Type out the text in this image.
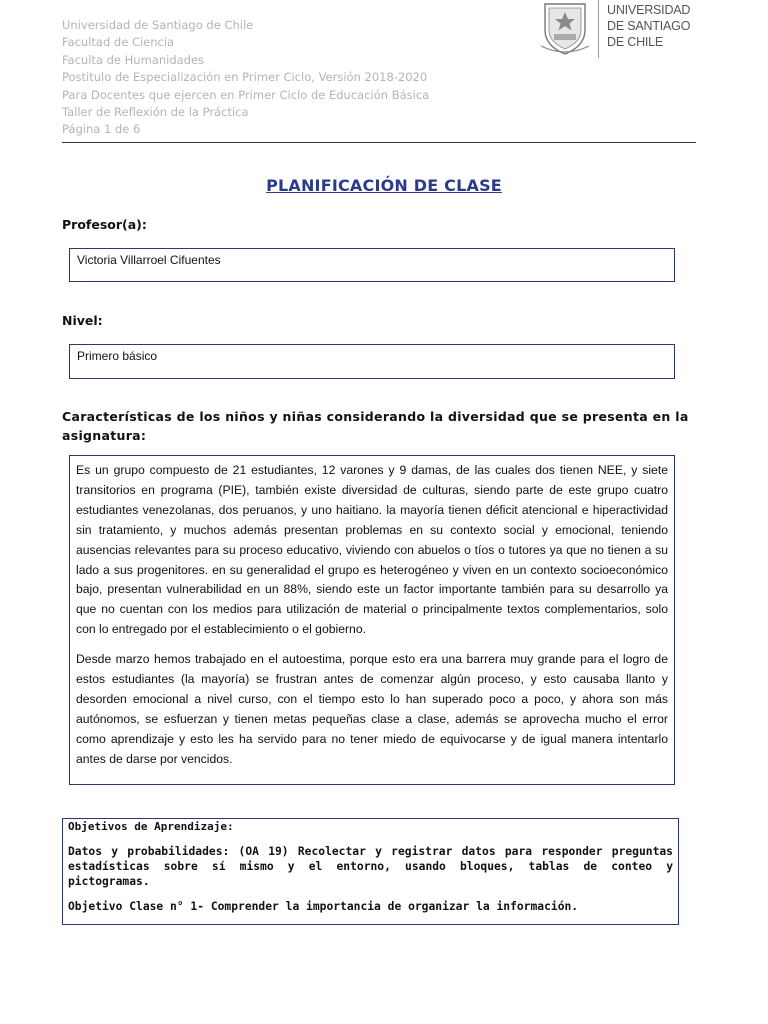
Universidad de Santiago de Chile
Facultad de Ciencia
Faculta de Humanidades
Postitulo de Especialización en Primer Ciclo, Versión 2018-2020
Para Docentes que ejercen en Primer Ciclo de Educación Básica
Taller de Reflexión de la Práctica
Página 1 de 6
UNIVERSIDAD
DE SANTIAGO
DE CHILE
PLANIFICACIÓN DE CLASE
Profesor(a):
Victoria Villarroel Cifuentes
Nivel:
Primero básico
Características de los niños y niñas considerando la diversidad que se presenta en la asignatura:

Es un grupo compuesto de 21 estudiantes, 12 varones y 9 damas, de las cuales dos tienen NEE, y siete transitorios en programa (PIE), también existe diversidad de culturas, siendo parte de este grupo cuatro estudiantes venezolanas, dos peruanos, y uno haitiano. la mayoría tienen déficit atencional e hiperactividad sin tratamiento, y muchos además presentan problemas en su contexto social y emocional, teniendo ausencias relevantes para su proceso educativo, viviendo con abuelos o tíos o tutores ya que no tienen a su lado a sus progenitores. en su generalidad el grupo es heterogéneo y viven en un contexto socioeconómico bajo, presentan vulnerabilidad en un 88%, siendo este un factor importante también para su desarrollo ya que no cuentan con los medios para utilización de material o principalmente textos complementarios, solo con lo entregado por el establecimiento o el gobierno.

Desde marzo hemos trabajado en el autoestima, porque esto era una barrera muy grande para el logro de estos estudiantes (la mayoría) se frustran antes de comenzar algún proceso, y esto causaba llanto y desorden emocional a nivel curso, con el tiempo esto lo han superado poco a poco, y ahora son más autónomos, se esfuerzan y tienen metas pequeñas clase a clase, además se aprovecha mucho el error como aprendizaje y esto les ha servido para no tener miedo de equivocarse y de igual manera intentarlo antes de darse por vencidos.

Objetivos de Aprendizaje:
Datos y probabilidades: (OA 19) Recolectar y registrar datos para responder preguntas estadísticas sobre sí mismo y el entorno, usando bloques, tablas de conteo y pictogramas.
Objetivo Clase n° 1- Comprender la importancia de organizar la información.
